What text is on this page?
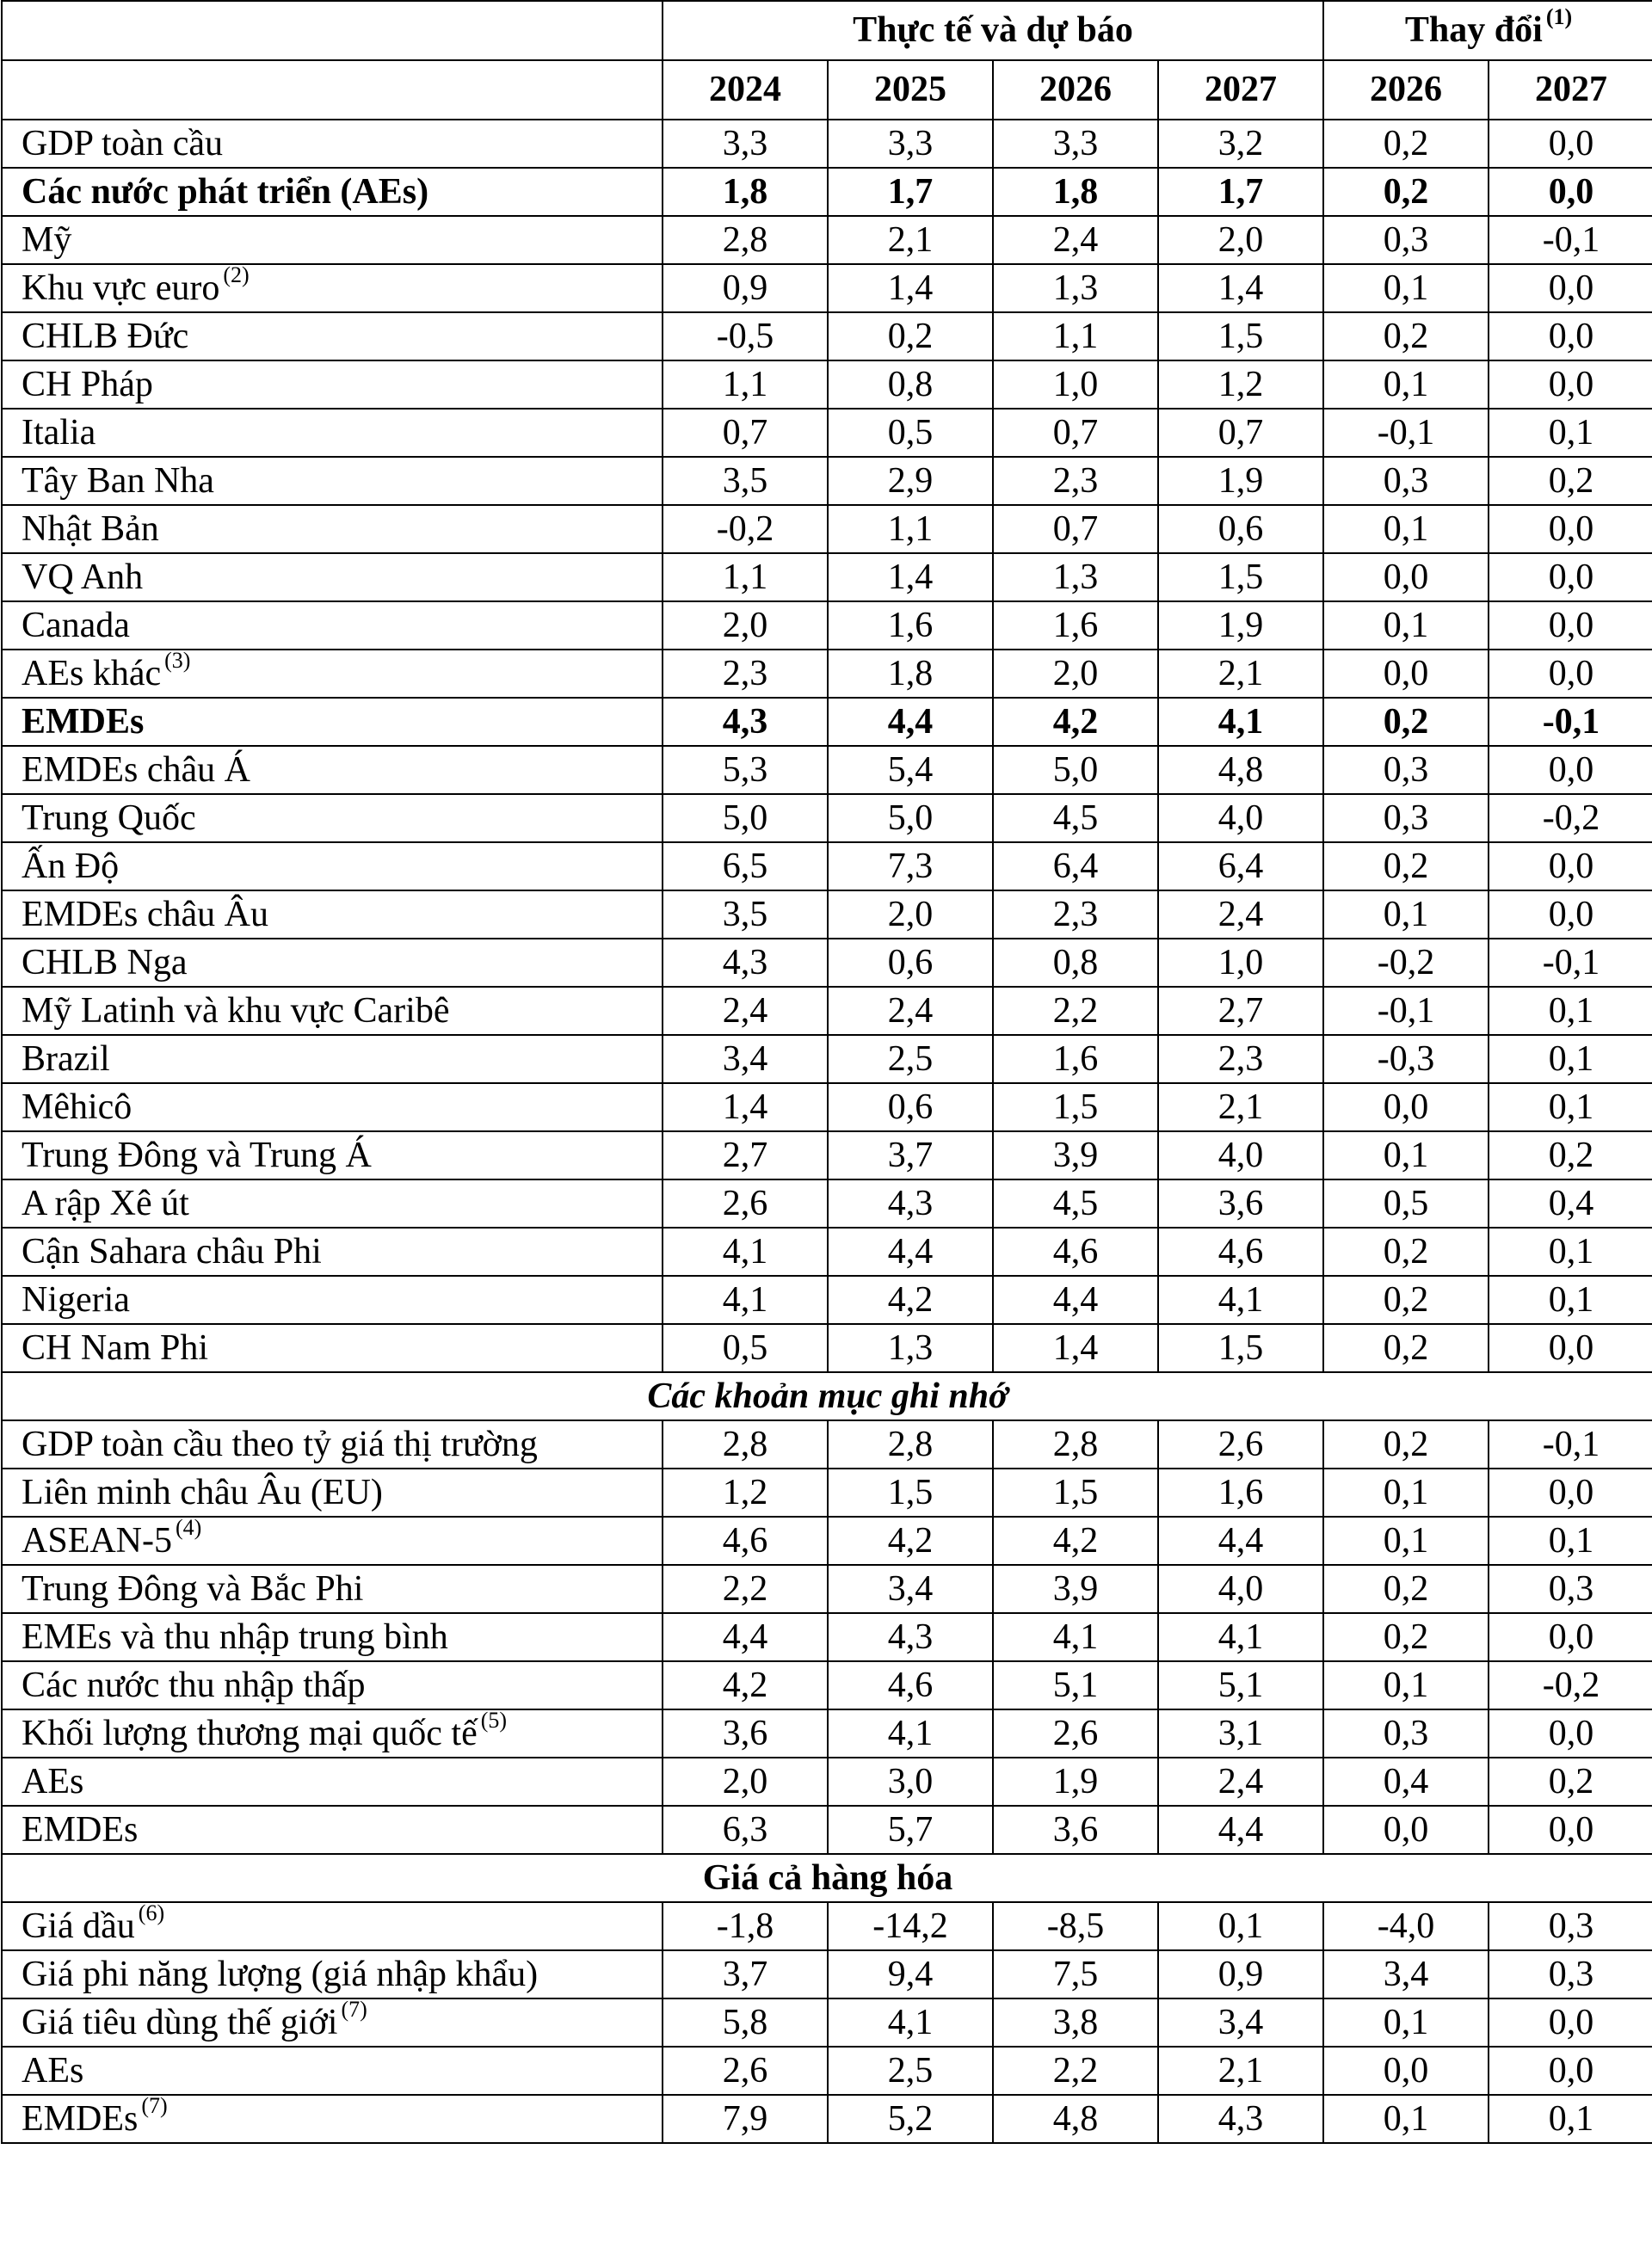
	Thực tế và dự báo				Thay đổi $^{(1)}$
	2024	2025	2026	2027	2026	2027
GDP toàn cầu	3,3	3,3	3,3	3,2	0,2	0,0
Các nước phát triển (AEs)	1,8	1,7	1,8	1,7	0,2	0,0
Mỹ	2,8	2,1	2,4	2,0	0,3	-0,1
Khu vực euro $^{(2)}$	0,9	1,4	1,3	1,4	0,1	0,0
CHLB Đức	-0,5	0,2	1,1	1,5	0,2	0,0
CH Pháp	1,1	0,8	1,0	1,2	0,1	0,0
Italia	0,7	0,5	0,7	0,7	-0,1	0,1
Tây Ban Nha	3,5	2,9	2,3	1,9	0,3	0,2
Nhật Bản	-0,2	1,1	0,7	0,6	0,1	0,0
VQ Anh	1,1	1,4	1,3	1,5	0,0	0,0
Canada	2,0	1,6	1,6	1,9	0,1	0,0
AEs khác $^{(3)}$	2,3	1,8	2,0	2,1	0,0	0,0
EMDEs	4,3	4,4	4,2	4,1	0,2	-0,1
EMDEs châu Á	5,3	5,4	5,0	4,8	0,3	0,0
Trung Quốc	5,0	5,0	4,5	4,0	0,3	-0,2
Ấn Độ	6,5	7,3	6,4	6,4	0,2	0,0
EMDEs châu Âu	3,5	2,0	2,3	2,4	0,1	0,0
CHLB Nga	4,3	0,6	0,8	1,0	-0,2	-0,1
Mỹ Latinh và khu vực Caribê	2,4	2,4	2,2	2,7	-0,1	0,1
Brazil	3,4	2,5	1,6	2,3	-0,3	0,1
Mêhicô	1,4	0,6	1,5	2,1	0,0	0,1
Trung Đông và Trung Á	2,7	3,7	3,9	4,0	0,1	0,2
A rập Xê út	2,6	4,3	4,5	3,6	0,5	0,4
Cận Sahara châu Phi	4,1	4,4	4,6	4,6	0,2	0,1
Nigeria	4,1	4,2	4,4	4,1	0,2	0,1
CH Nam Phi	0,5	1,3	1,4	1,5	0,2	0,0
Các khoản mục ghi nhớ						
GDP toàn cầu theo tỷ giá thị trường	2,8	2,8	2,8	2,6	0,2	-0,1
Liên minh châu Âu (EU)	1,2	1,5	1,5	1,6	0,1	0,0
ASEAN-5 $^{(4)}$	4,6	4,2	4,2	4,4	0,1	0,1
Trung Đông và Bắc Phi	2,2	3,4	3,9	4,0	0,2	0,3
EMEs và thu nhập trung bình	4,4	4,3	4,1	4,1	0,2	0,0
Các nước thu nhập thấp	4,2	4,6	5,1	5,1	0,1	-0,2
Khối lượng thương mại quốc tế $^{(5)}$	3,6	4,1	2,6	3,1	0,3	0,0
AEs	2,0	3,0	1,9	2,4	0,4	0,2
EMDEs	6,3	5,7	3,6	4,4	0,0	0,0
Giá cả hàng hóa						
Giá dầu $^{(6)}$	-1,8	-14,2	-8,5	0,1	-4,0	0,3
Giá phi năng lượng (giá nhập khẩu)	3,7	9,4	7,5	0,9	3,4	0,3
Giá tiêu dùng thế giới $^{(7)}$	5,8	4,1	3,8	3,4	0,1	0,0
AEs	2,6	2,5	2,2	2,1	0,0	0,0
EMDEs $^{(7)}$	7,9	5,2	4,8	4,3	0,1	0,1
